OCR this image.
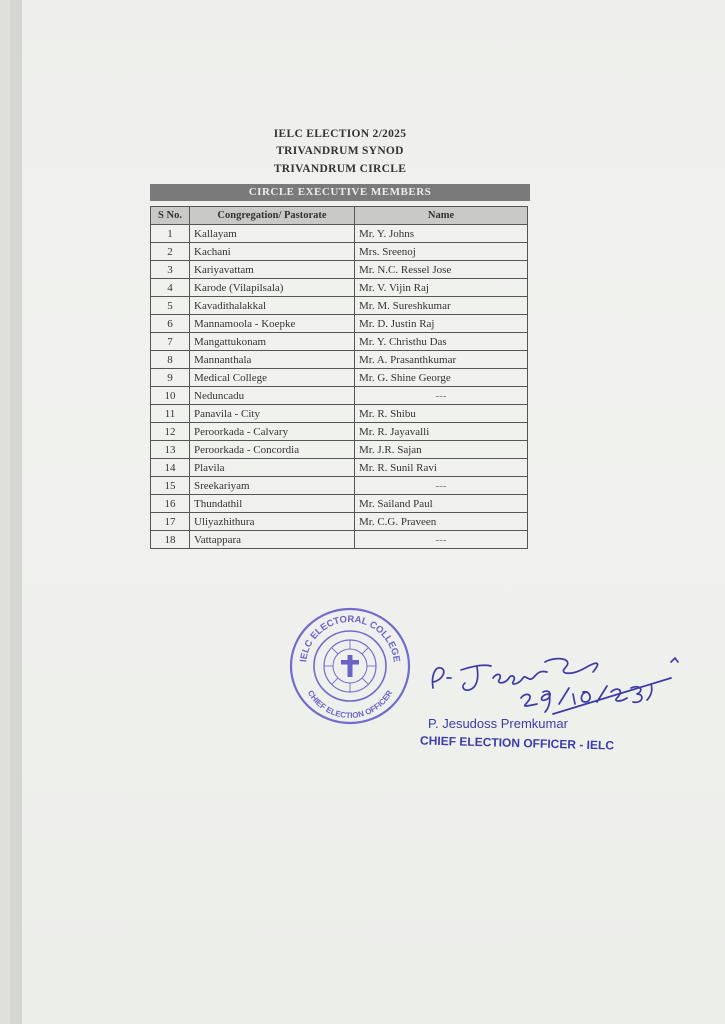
IELC ELECTION 2/2025
TRIVANDRUM SYNOD
TRIVANDRUM CIRCLE
CIRCLE EXECUTIVE MEMBERS
S No.	Congregation/ Pastorate	Name
1	Kallayam	Mr. Y. Johns
2	Kachani	Mrs. Sreenoj
3	Kariyavattam	Mr. N.C. Ressel Jose
4	Karode (Vilapilsala)	Mr. V. Vijin Raj
5	Kavadithalakkal	Mr. M. Sureshkumar
6	Mannamoola - Koepke	Mr. D. Justin Raj
7	Mangattukonam	Mr. Y. Christhu Das
8	Mannanthala	Mr. A. Prasanthkumar
9	Medical College	Mr. G. Shine George
10	Neduncadu	---
11	Panavila - City	Mr. R. Shibu
12	Peroorkada - Calvary	Mr. R. Jayavalli
13	Peroorkada - Concordia	Mr. J.R. Sajan
14	Plavila	Mr. R. Sunil Ravi
15	Sreekariyam	---
16	Thundathil	Mr. Sailand Paul
17	Uliyazhithura	Mr. C.G. Praveen
18	Vattappara	---
IELC ELECTORAL COLLEGE
CHIEF ELECTION OFFICER
P. Jesudoss Premkumar
CHIEF ELECTION OFFICER - IELC
